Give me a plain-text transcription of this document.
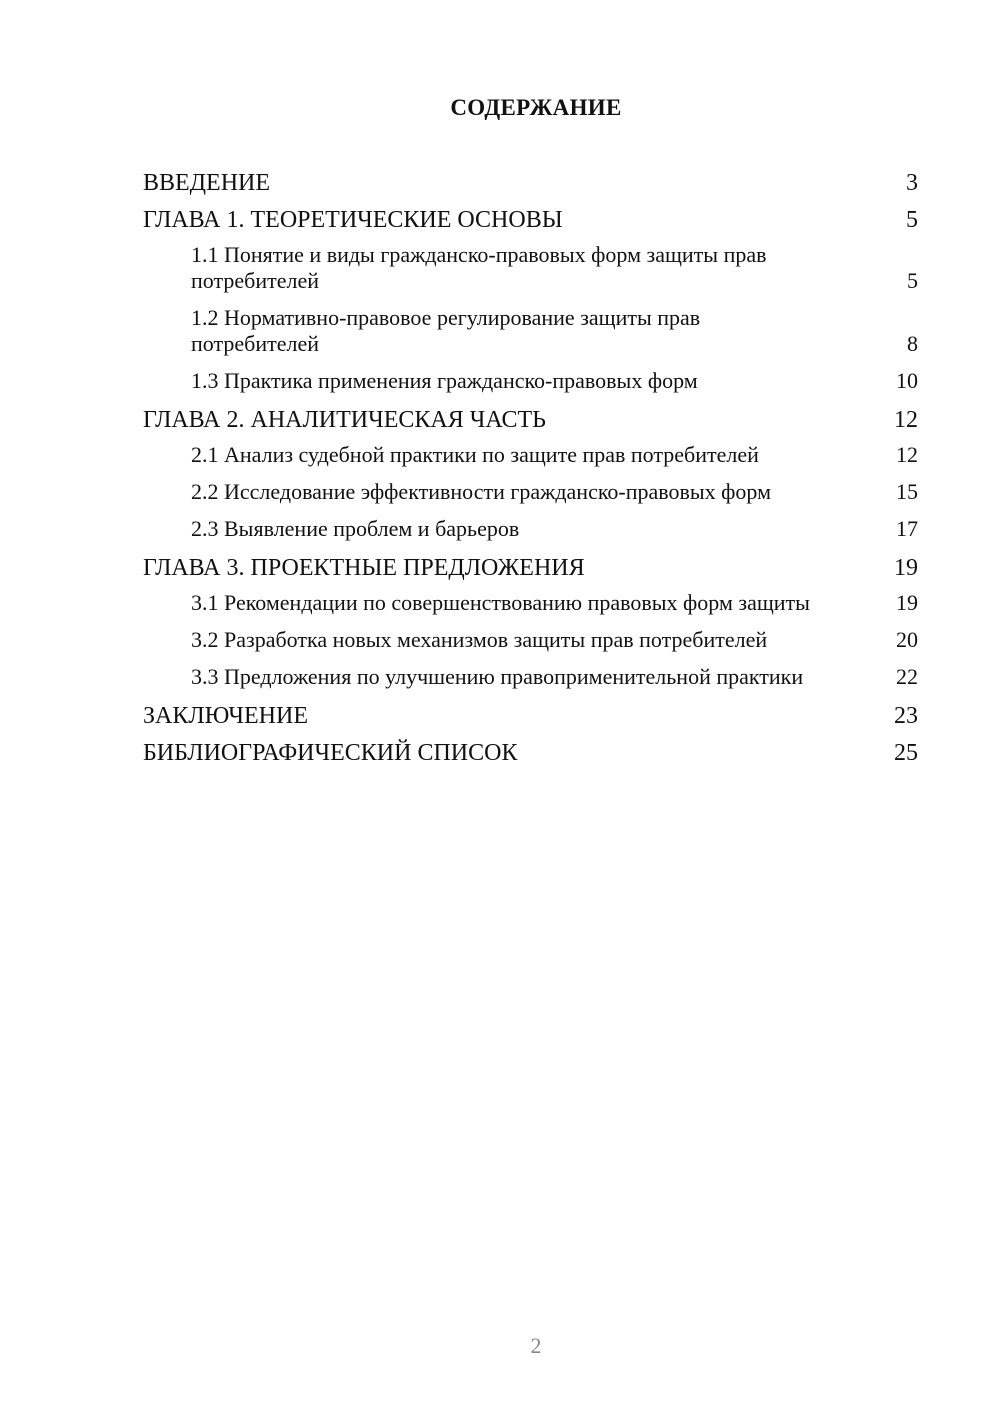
СОДЕРЖАНИЕ
ВВЕДЕНИЕ	3
ГЛАВА 1. ТЕОРЕТИЧЕСКИЕ ОСНОВЫ	5
1.1 Понятие и виды гражданско-правовых форм защиты прав потребителей	5
1.2 Нормативно-правовое регулирование защиты прав потребителей	8
1.3 Практика применения гражданско-правовых форм	10
ГЛАВА 2. АНАЛИТИЧЕСКАЯ ЧАСТЬ	12
2.1 Анализ судебной практики по защите прав потребителей	12
2.2 Исследование эффективности гражданско-правовых форм	15
2.3 Выявление проблем и барьеров	17
ГЛАВА 3. ПРОЕКТНЫЕ ПРЕДЛОЖЕНИЯ	19
3.1 Рекомендации по совершенствованию правовых форм защиты	19
3.2 Разработка новых механизмов защиты прав потребителей	20
3.3 Предложения по улучшению правоприменительной практики	22
ЗАКЛЮЧЕНИЕ	23
БИБЛИОГРАФИЧЕСКИЙ СПИСОК	25
2
